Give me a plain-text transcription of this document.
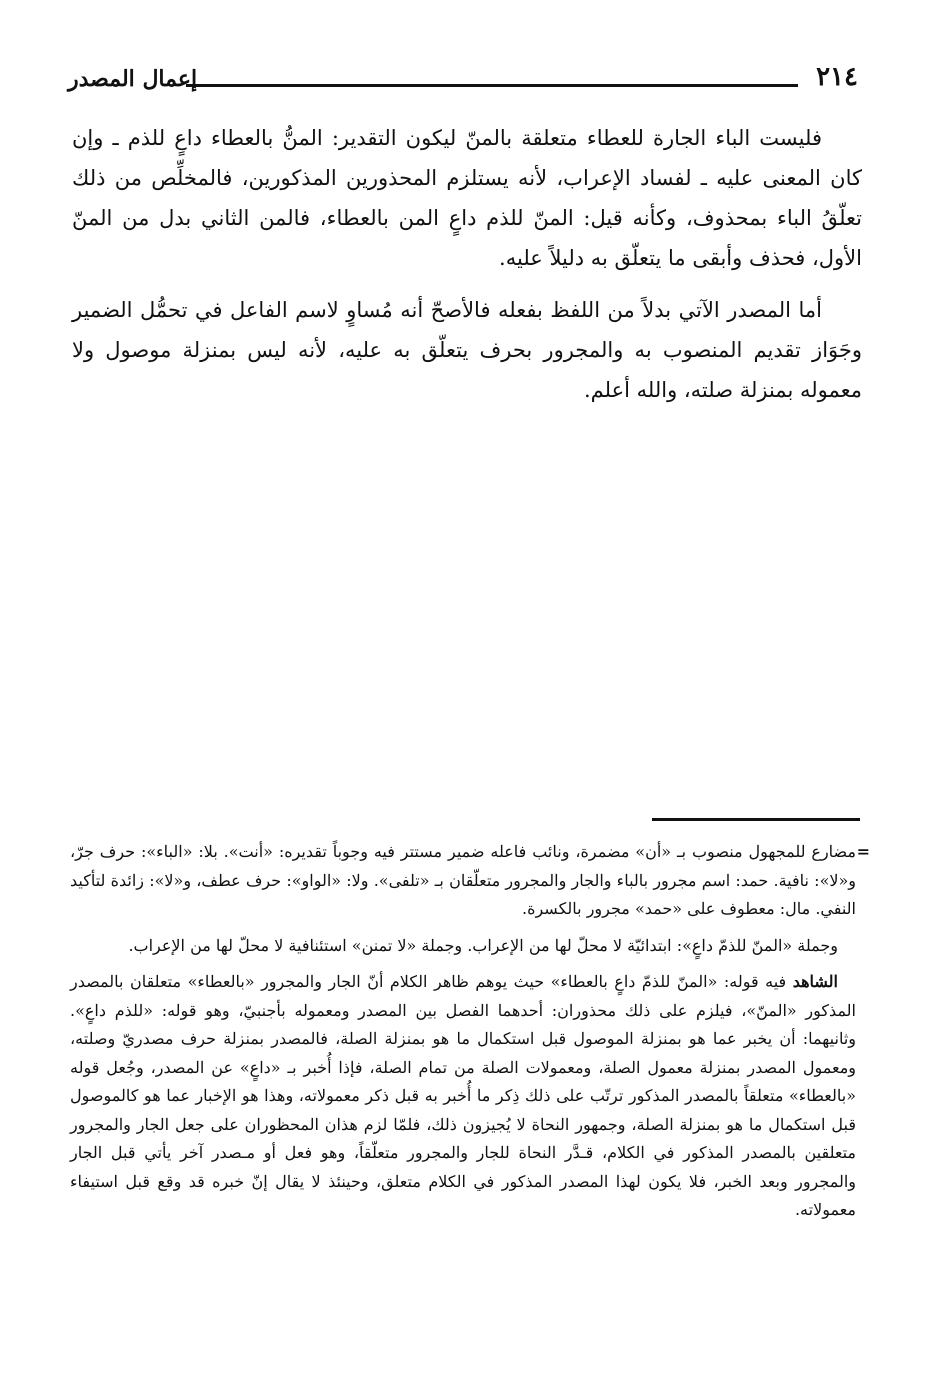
٢١٤
إعمال المصدر

فليست الباء الجارة للعطاء متعلقة بالمنّ ليكون التقدير: المنُّ بالعطاء داعٍ للذم ـ وإن كان المعنى عليه ـ لفساد الإعراب، لأنه يستلزم المحذورين المذكورين، فالمخلِّص من ذلك تعلّقُ الباء بمحذوف، وكأنه قيل: المنّ للذم داعٍ المن بالعطاء، فالمن الثاني بدل من المنّ الأول، فحذف وأبقى ما يتعلّق به دليلاً عليه.

أما المصدر الآتي بدلاً من اللفظ بفعله فالأصحّ أنه مُساوٍ لاسم الفاعل في تحمُّل الضمير وجَوَاز تقديم المنصوب به والمجرور بحرف يتعلّق به عليه، لأنه ليس بمنزلة موصول ولا معموله بمنزلة صلته، والله أعلم.

=
مضارع للمجهول منصوب بـ «أن» مضمرة، ونائب فاعله ضمير مستتر فيه وجوباً تقديره: «أنت». بلا: «الباء»: حرف جرّ، و«لا»: نافية. حمد: اسم مجرور بالباء والجار والمجرور متعلّقان بـ «تلفى». ولا: «الواو»: حرف عطف، و«لا»: زائدة لتأكيد النفي. مال: معطوف على «حمد» مجرور بالكسرة.
وجملة «المنّ للذمّ داعٍ»: ابتدائيّة لا محلّ لها من الإعراب. وجملة «لا تمنن» استئنافية لا محلّ لها من الإعراب.
الشاهد فيه قوله: «المنّ للذمّ داعٍ بالعطاء» حيث يوهم ظاهر الكلام أنّ الجار والمجرور «بالعطاء» متعلقان بالمصدر المذكور «المنّ»، فيلزم على ذلك محذوران: أحدهما الفصل بين المصدر ومعموله بأجنبيّ، وهو قوله: «للذم داعٍ». وثانيهما: أن يخبر عما هو بمنزلة الموصول قبل استكمال ما هو بمنزلة الصلة، فالمصدر بمنزلة حرف مصدريّ وصلته، ومعمول المصدر بمنزلة معمول الصلة، ومعمولات الصلة من تمام الصلة، فإذا أُخبر بـ «داعٍ» عن المصدر، وجُعل قوله «بالعطاء» متعلقاً بالمصدر المذكور ترتّب على ذلك ذِكر ما أُخبر به قبل ذكر معمولاته، وهذا هو الإخبار عما هو كالموصول قبل استكمال ما هو بمنزلة الصلة، وجمهور النحاة لا يُجيزون ذلك، فلمّا لزم هذان المحظوران على جعل الجار والمجرور متعلقين بالمصدر المذكور في الكلام، قـدَّر النحاة للجار والمجرور متعلّقاً، وهو فعل أو مـصدر آخر يأتي قبل الجار والمجرور وبعد الخبر، فلا يكون لهذا المصدر المذكور في الكلام متعلق، وحينئذ لا يقال إنّ خبره قد وقع قبل استيفاء معمولاته.
